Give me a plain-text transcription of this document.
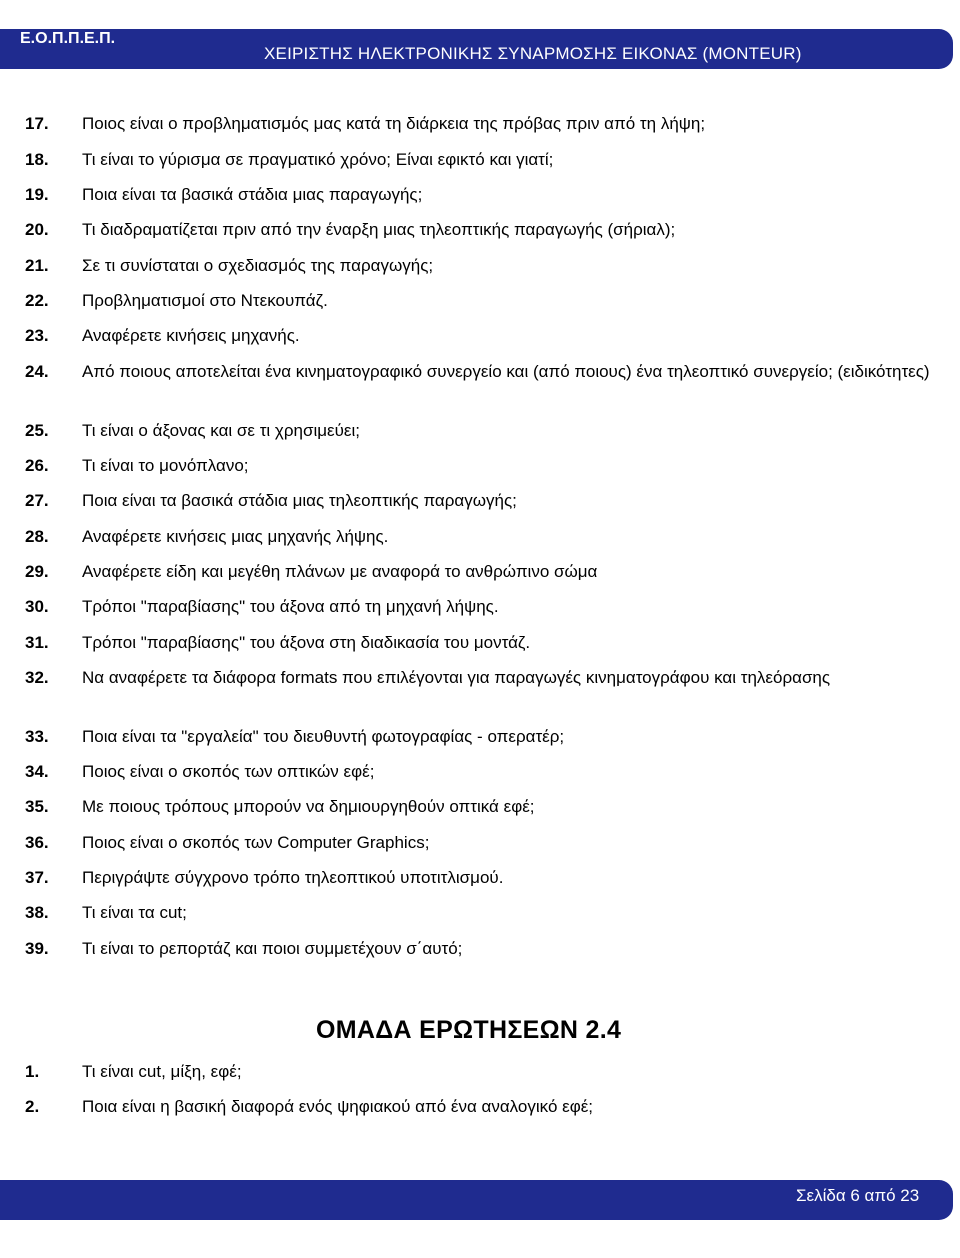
Ε.Ο.Π.Π.Ε.Π.
ΧΕΙΡΙΣΤΗΣ ΗΛΕΚΤΡΟΝΙΚΗΣ ΣΥΝΑΡΜΟΣΗΣ ΕΙΚΟΝΑΣ (MONTEUR)
17.	Ποιος είναι ο προβληματισμός μας κατά τη διάρκεια της πρόβας πριν από τη λήψη;
18.	Τι είναι το γύρισμα σε πραγματικό χρόνο; Είναι εφικτό και γιατί;
19.	Ποια είναι τα βασικά στάδια μιας παραγωγής;
20.	Τι διαδραματίζεται πριν από την έναρξη μιας τηλεοπτικής παραγωγής (σήριαλ);
21.	Σε τι συνίσταται ο σχεδιασμός της παραγωγής;
22.	Προβληματισμοί στο Ντεκουπάζ.
23.	Αναφέρετε κινήσεις μηχανής.
24.	Από ποιους αποτελείται ένα κινηματογραφικό συνεργείο και (από ποιους) ένα τηλεοπτικό συνεργείο; (ειδικότητες)
25.	Τι είναι ο άξονας και σε τι χρησιμεύει;
26.	Τι είναι το μονόπλανο;
27.	Ποια είναι τα βασικά στάδια μιας τηλεοπτικής παραγωγής;
28.	Αναφέρετε κινήσεις μιας μηχανής λήψης.
29.	Αναφέρετε είδη και μεγέθη πλάνων με αναφορά το ανθρώπινο σώμα
30.	Τρόποι "παραβίασης" του άξονα από τη μηχανή λήψης.
31.	Τρόποι "παραβίασης" του άξονα στη διαδικασία του μοντάζ.
32.	Να αναφέρετε τα διάφορα formats που επιλέγονται για παραγωγές κινηματογράφου και τηλεόρασης
33.	Ποια είναι τα "εργαλεία" του διευθυντή φωτογραφίας - οπερατέρ;
34.	Ποιος είναι ο σκοπός των οπτικών εφέ;
35.	Με ποιους τρόπους μπορούν να δημιουργηθούν οπτικά εφέ;
36.	Ποιος είναι ο σκοπός των Computer Graphics;
37.	Περιγράψτε σύγχρονο τρόπο τηλεοπτικού υποτιτλισμού.
38.	Τι είναι τα cut;
39.	Τι είναι το ρεπορτάζ και ποιοι συμμετέχουν σ΄αυτό;
ΟΜΑΔΑ ΕΡΩΤΗΣΕΩΝ 2.4
1.	Τι είναι cut, μίξη, εφέ;
2.	Ποια είναι η βασική διαφορά ενός ψηφιακού από ένα αναλογικό εφέ;
Σελίδα 6 από 23
